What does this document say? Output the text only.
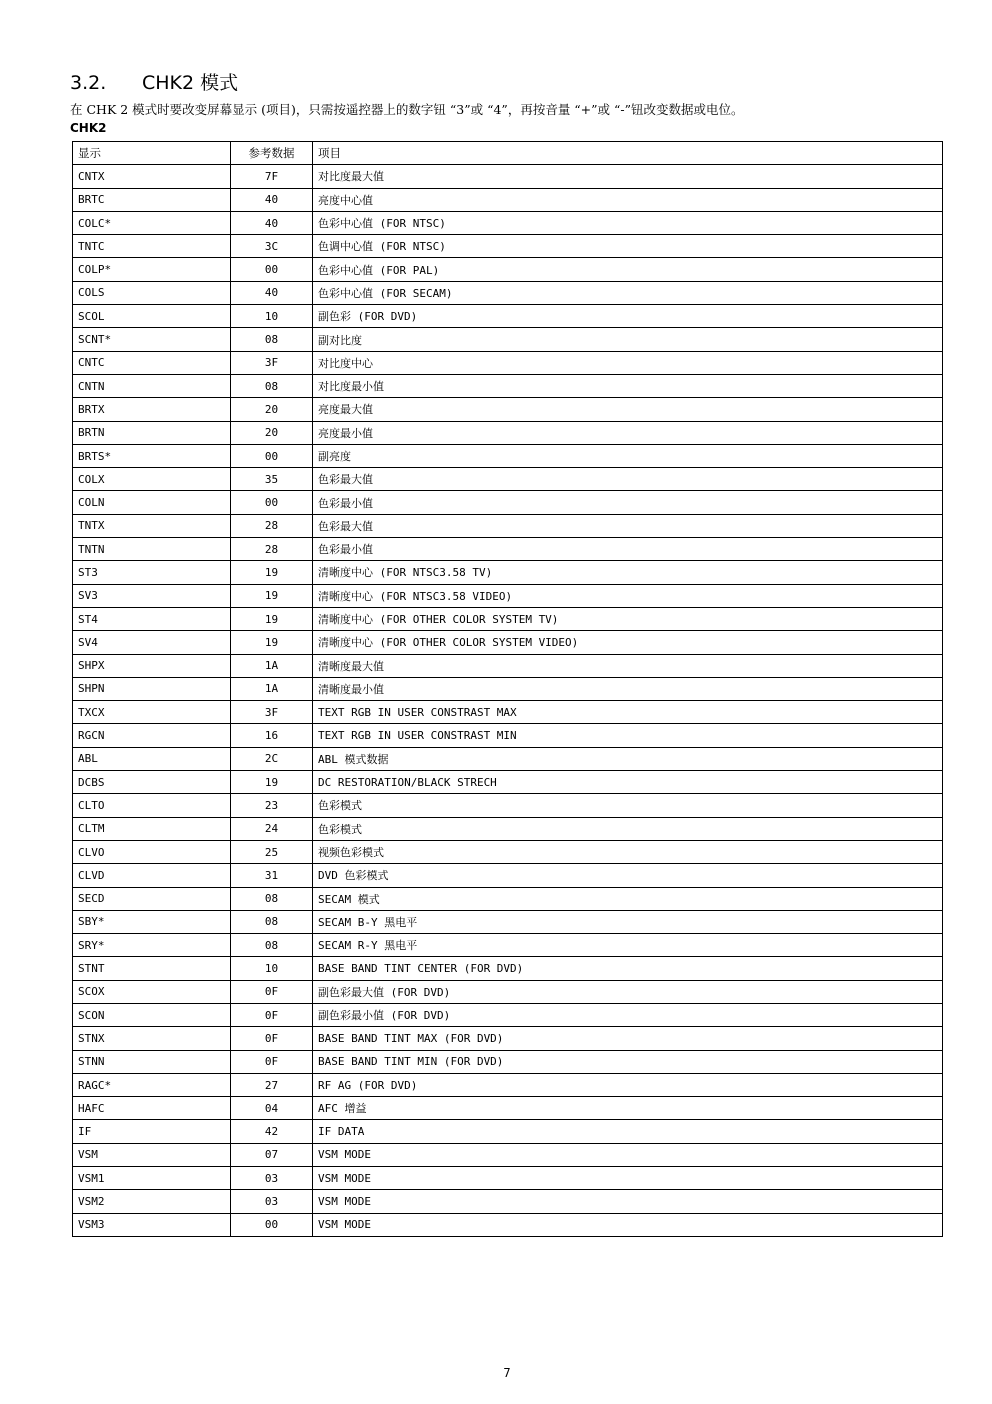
3.2. CHK2 模式
在 CHK 2 模式时要改变屏幕显示 (项目)，只需按遥控器上的数字钮 “3”或 “4”，再按音量 “+”或 “-”钮改变数据或电位。
CHK2
显示	参考数据	项目
CNTX	7F	对比度最大值
BRTC	40	亮度中心值
COLC*	40	色彩中心值 (FOR NTSC)
TNTC	3C	色调中心值 (FOR NTSC)
COLP*	00	色彩中心值 (FOR PAL)
COLS	40	色彩中心值 (FOR SECAM)
SCOL	10	副色彩 (FOR DVD)
SCNT*	08	副对比度
CNTC	3F	对比度中心
CNTN	08	对比度最小值
BRTX	20	亮度最大值
BRTN	20	亮度最小值
BRTS*	00	副亮度
COLX	35	色彩最大值
COLN	00	色彩最小值
TNTX	28	色彩最大值
TNTN	28	色彩最小值
ST3	19	清晰度中心 (FOR NTSC3.58 TV)
SV3	19	清晰度中心 (FOR NTSC3.58 VIDEO)
ST4	19	清晰度中心 (FOR OTHER COLOR SYSTEM TV)
SV4	19	清晰度中心 (FOR OTHER COLOR SYSTEM VIDEO)
SHPX	1A	清晰度最大值
SHPN	1A	清晰度最小值
TXCX	3F	TEXT RGB IN USER CONSTRAST MAX
RGCN	16	TEXT RGB IN USER CONSTRAST MIN
ABL	2C	ABL 模式数据
DCBS	19	DC RESTORATION/BLACK STRECH
CLTO	23	色彩模式
CLTM	24	色彩模式
CLVO	25	视频色彩模式
CLVD	31	DVD 色彩模式
SECD	08	SECAM 模式
SBY*	08	SECAM B-Y 黑电平
SRY*	08	SECAM R-Y 黑电平
STNT	10	BASE BAND TINT CENTER (FOR DVD)
SCOX	0F	副色彩最大值 (FOR DVD)
SCON	0F	副色彩最小值 (FOR DVD)
STNX	0F	BASE BAND TINT MAX (FOR DVD)
STNN	0F	BASE BAND TINT MIN (FOR DVD)
RAGC*	27	RF AG (FOR DVD)
HAFC	04	AFC 增益
IF	42	IF DATA
VSM	07	VSM MODE
VSM1	03	VSM MODE
VSM2	03	VSM MODE
VSM3	00	VSM MODE
7
